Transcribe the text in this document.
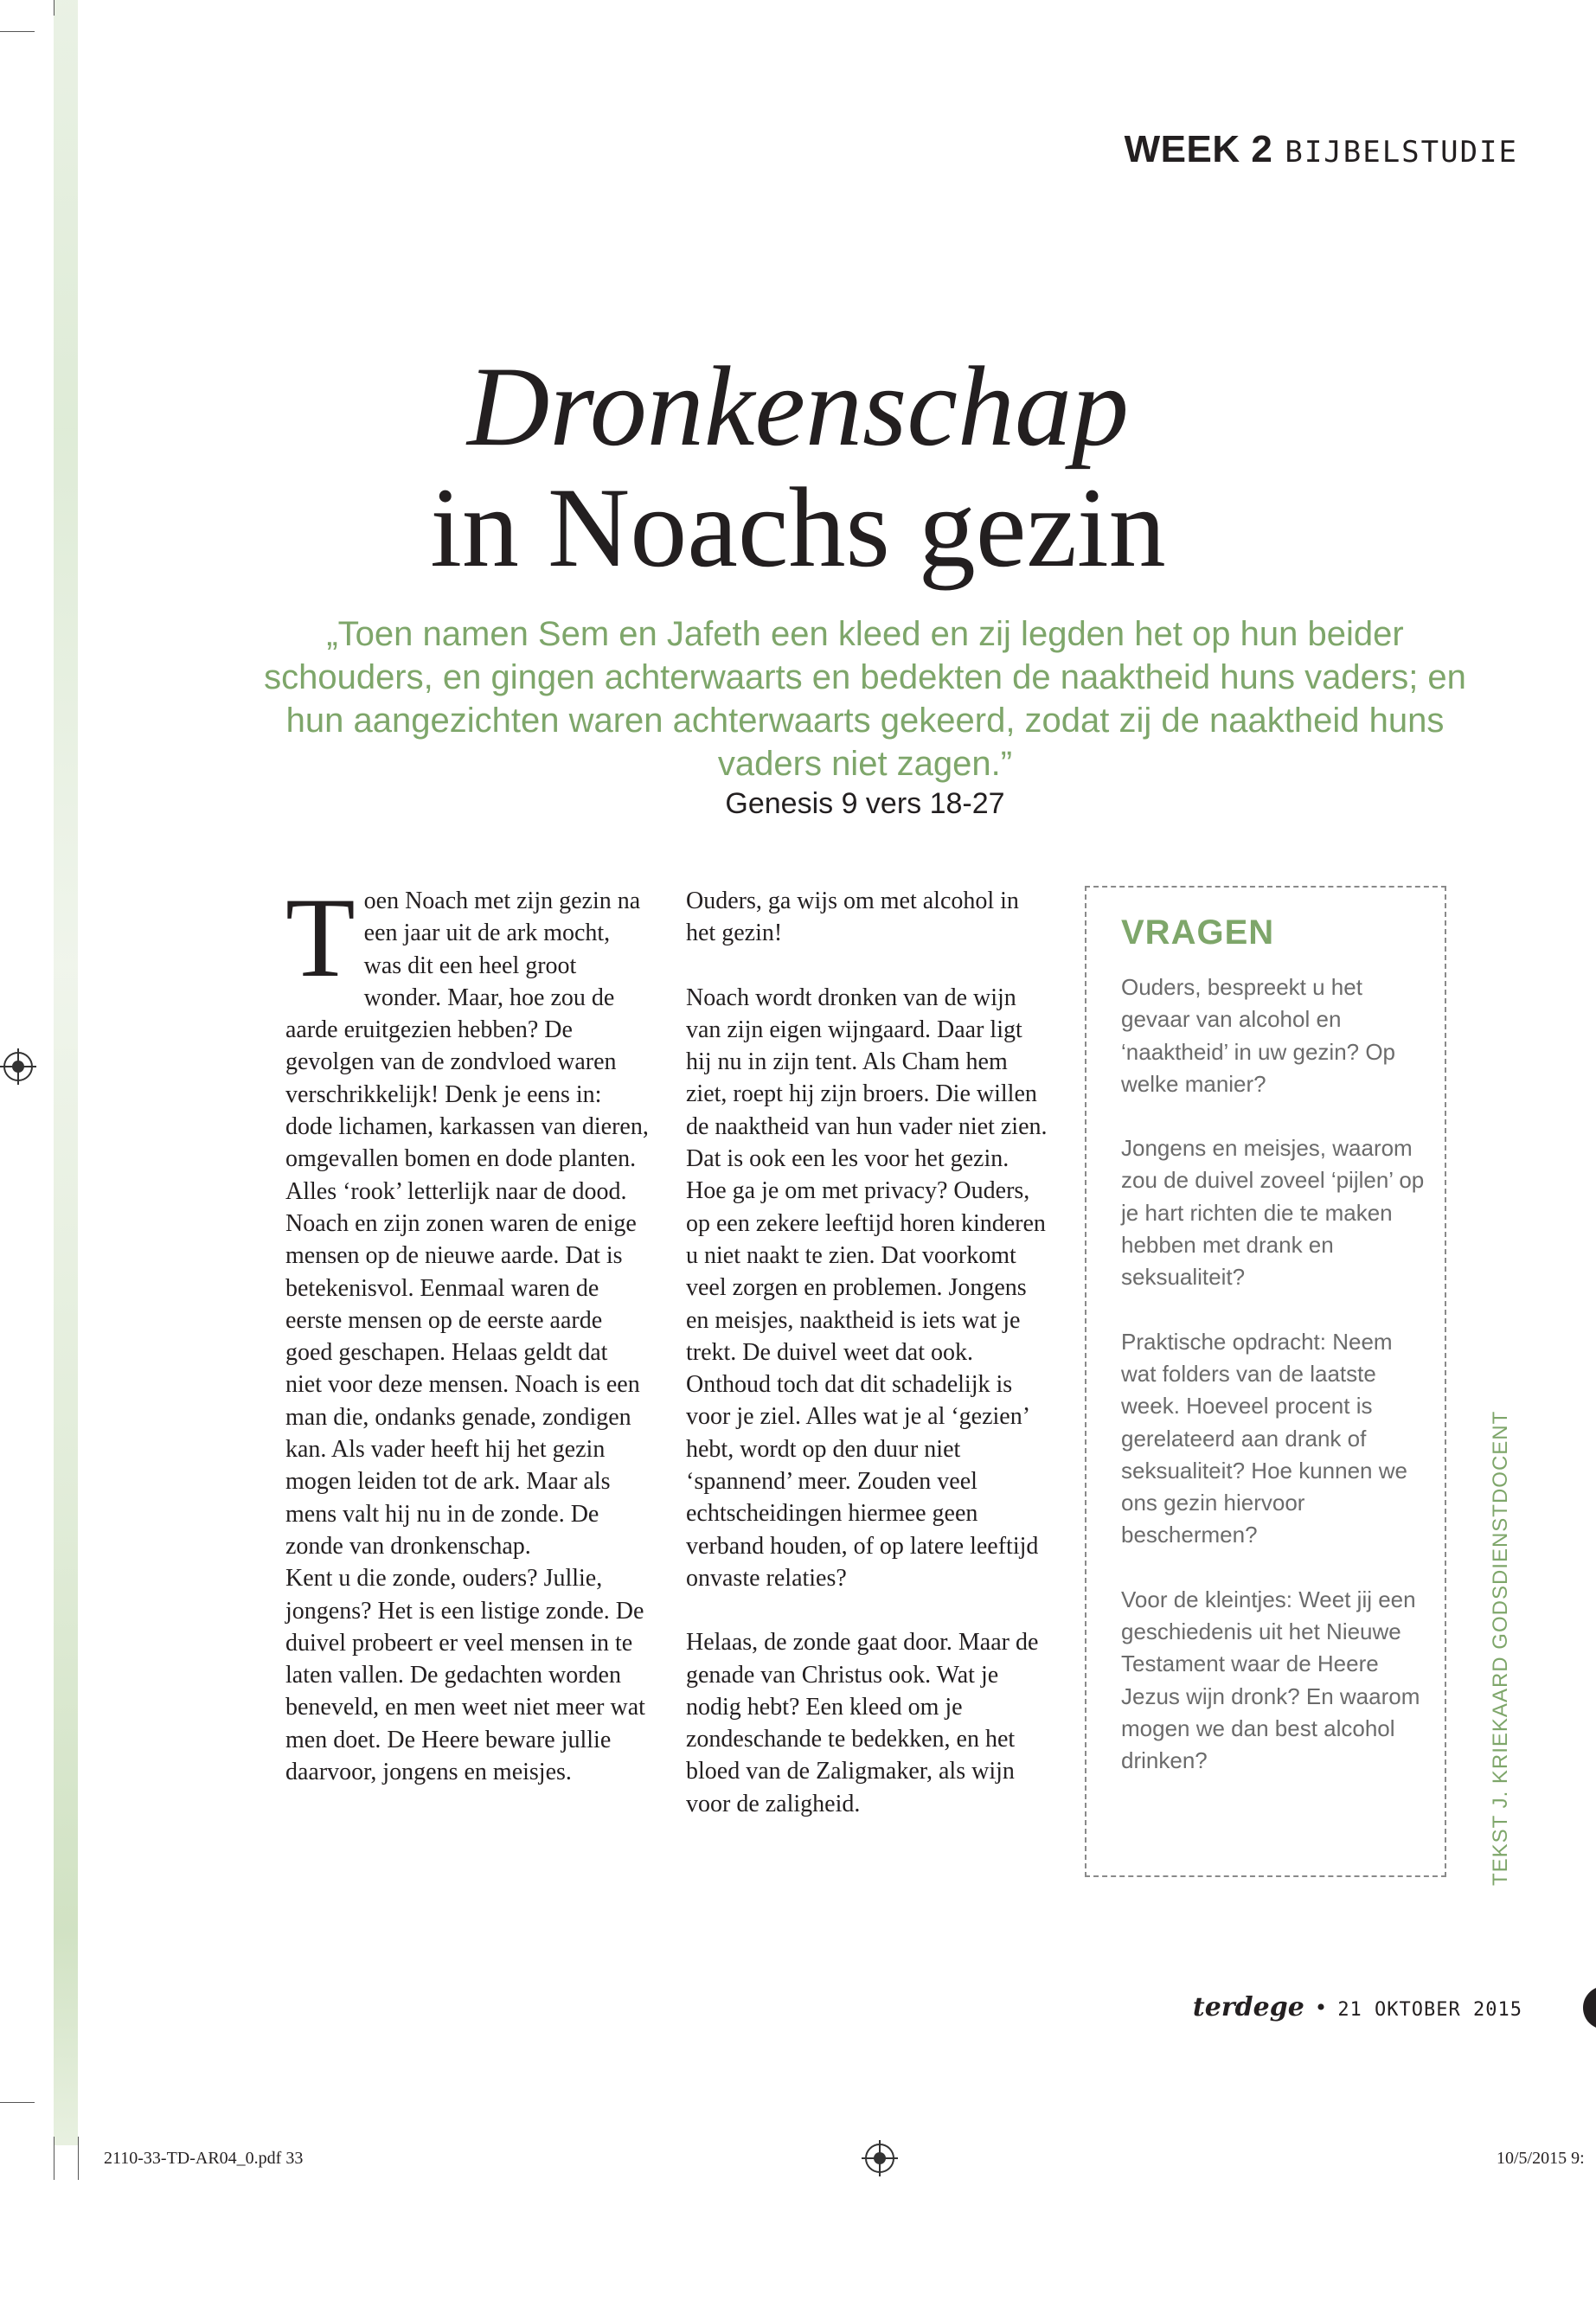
WEEK 2 BIJBELSTUDIE
Dronkenschap
in Noachs gezin
„Toen namen Sem en Jafeth een kleed en zij legden het op hun beider schouders, en gingen achterwaarts en bedekten de naaktheid huns vaders; en hun aangezichten waren achterwaarts gekeerd, zodat zij de naaktheid huns vaders niet zagen.”
Genesis 9 vers 18-27

Toen Noach met zijn gezin na een jaar uit de ark mocht, was dit een heel groot wonder. Maar, hoe zou de aarde eruitgezien hebben? De gevolgen van de zondvloed waren verschrikkelijk! Denk je eens in: dode lichamen, karkassen van dieren, omgevallen bomen en dode planten. Alles ‘rook’ letterlijk naar de dood.

Noach en zijn zonen waren de enige mensen op de nieuwe aarde. Dat is betekenisvol. Eenmaal waren de eerste mensen op de eerste aarde goed geschapen. Helaas geldt dat niet voor deze mensen. Noach is een man die, ondanks genade, zondigen kan. Als vader heeft hij het gezin mogen leiden tot de ark. Maar als mens valt hij nu in de zonde. De zonde van dronkenschap.

Kent u die zonde, ouders? Jullie, jongens? Het is een listige zonde. De duivel probeert er veel mensen in te laten vallen. De gedachten worden beneveld, en men weet niet meer wat men doet. De Heere beware jullie daarvoor, jongens en meisjes.

Ouders, ga wijs om met alcohol in het gezin!

Noach wordt dronken van de wijn van zijn eigen wijngaard. Daar ligt hij nu in zijn tent. Als Cham hem ziet, roept hij zijn broers. Die willen de naaktheid van hun vader niet zien. Dat is ook een les voor het gezin. Hoe ga je om met privacy? Ouders, op een zekere leeftijd horen kinderen u niet naakt te zien. Dat voorkomt veel zorgen en problemen. Jongens en meisjes, naaktheid is iets wat je trekt. De duivel weet dat ook. Onthoud toch dat dit schadelijk is voor je ziel. Alles wat je al ‘gezien’ hebt, wordt op den duur niet ‘spannend’ meer. Zouden veel echtscheidingen hiermee geen verband houden, of op latere leeftijd onvaste relaties?

Helaas, de zonde gaat door. Maar de genade van Christus ook. Wat je nodig hebt? Een kleed om je zondeschande te bedekken, en het bloed van de Zaligmaker, als wijn voor de zaligheid.

VRAGEN

Ouders, bespreekt u het gevaar van alcohol en ‘naaktheid’ in uw gezin? Op welke manier?

Jongens en meisjes, waarom zou de duivel zoveel ‘pijlen’ op je hart richten die te maken hebben met drank en seksualiteit?

Praktische opdracht: Neem wat folders van de laatste week. Hoeveel procent is gerelateerd aan drank of seksualiteit? Hoe kunnen we ons gezin hiervoor beschermen?

Voor de kleintjes: Weet jij een geschiedenis uit het Nieuwe Testament waar de Heere Jezus wijn dronk? En waarom mogen we dan best alcohol drinken?	TEKST J. KRIEKAARD GODSDIENSTDOCENT
terdege • 21 OKTOBER 2015
2110-33-TD-AR04_0.pdf 33	10/5/2015 9:
